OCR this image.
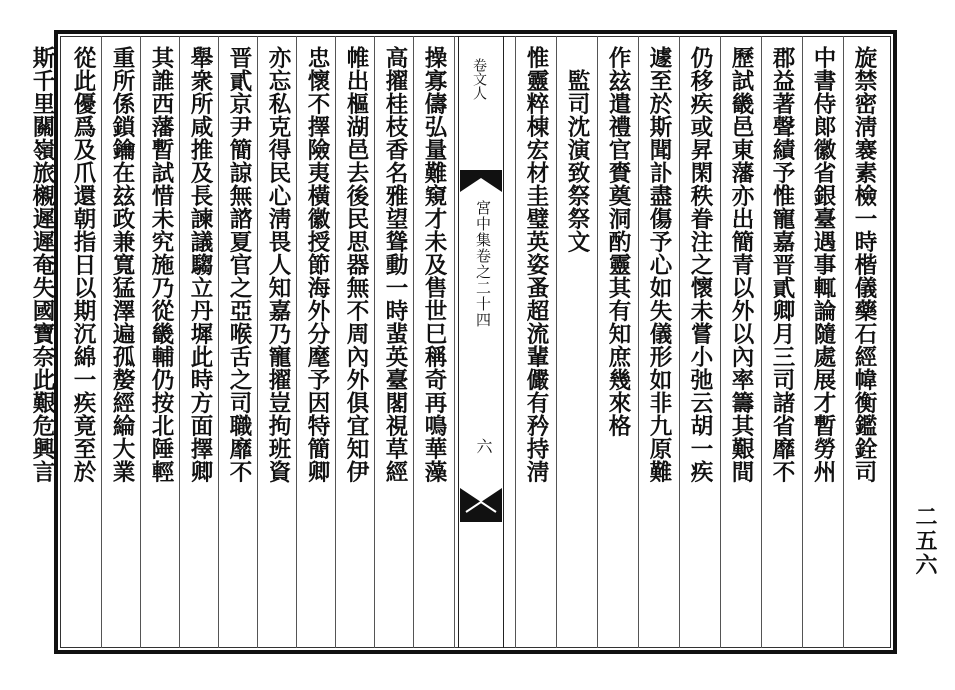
旋禁密淸褰素檢一時楷儀藥石經幃衡鑑銓司
中書侍郞徽省銀臺遇事輒論隨處展才暫勞州
郡益著聲績予惟寵嘉晋貳卿月三司諸省靡不
歷試畿邑東藩亦出簡青以外以內率籌其艱間
仍移疾或昇閑秩眷注之懷未嘗小弛云胡一疾
遽至於斯聞訃盡傷予心如失儀形如非九原難
作玆遣禮官賚奠洞酌靈其有知庶幾來格
　監司沈演致祭祭文
惟靈粹棟宏材圭璧英姿蚤超流輩儼有矜持淸
卷文人
宮中集卷之二十四
六
操寡儔弘量難窺才未及售世巳稱奇再鳴華藻
高擢桂枝香名雅望聳動一時蜚英臺閣視草經
帷出樞湖邑去後民思器無不周內外俱宜知伊
忠懷不擇險夷橫徽授節海外分麾予因特簡卿
亦忘私克得民心淸畏人知嘉乃寵擢豈拘班資
晋貳京尹簡諒無諮夏官之亞喉舌之司職靡不
舉衆所咸推及長諫議騶立丹墀此時方面擇卿
其誰西藩暫試惜未究施乃從畿輔仍按北陲輕
重所係鎖鑰在玆政兼寬猛澤遍孤嫠經綸大業
從此優爲及爪還朝指日以期沉綿一疾竟至於
斯千里關嶺旅櫬遲遲奄失國寶奈此艱危興言
二五六
